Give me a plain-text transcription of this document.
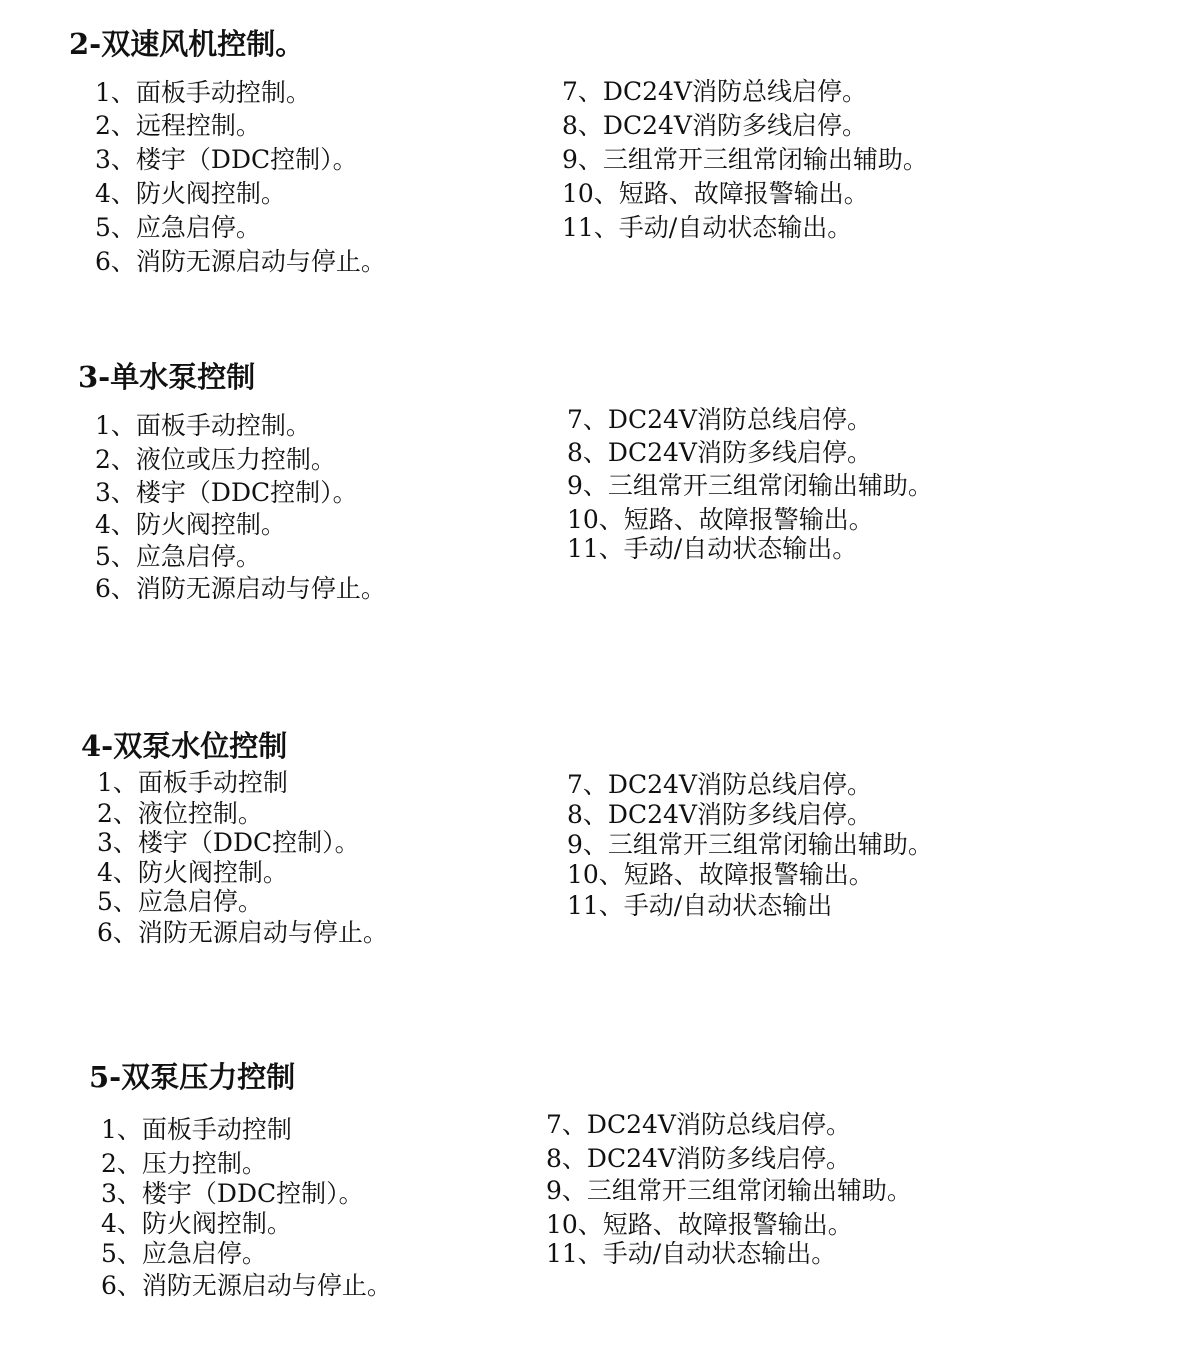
2-双速风机控制。
1、面板手动控制。
2、远程控制。
3、楼宇（DDC控制）。
4、防火阀控制。
5、应急启停。
6、消防无源启动与停止。
7、DC24V消防总线启停。
8、DC24V消防多线启停。
9、三组常开三组常闭输出辅助。
10、短路、故障报警输出。
11、手动/自动状态输出。
3-单水泵控制
1、面板手动控制。
2、液位或压力控制。
3、楼宇（DDC控制）。
4、防火阀控制。
5、应急启停。
6、消防无源启动与停止。
7、DC24V消防总线启停。
8、DC24V消防多线启停。
9、三组常开三组常闭输出辅助。
10、短路、故障报警输出。
11、手动/自动状态输出。
4-双泵水位控制
1、面板手动控制
2、液位控制。
3、楼宇（DDC控制）。
4、防火阀控制。
5、应急启停。
6、消防无源启动与停止。
7、DC24V消防总线启停。
8、DC24V消防多线启停。
9、三组常开三组常闭输出辅助。
10、短路、故障报警输出。
11、手动/自动状态输出
5-双泵压力控制
1、面板手动控制
2、压力控制。
3、楼宇（DDC控制）。
4、防火阀控制。
5、应急启停。
6、消防无源启动与停止。
7、DC24V消防总线启停。
8、DC24V消防多线启停。
9、三组常开三组常闭输出辅助。
10、短路、故障报警输出。
11、手动/自动状态输出。
